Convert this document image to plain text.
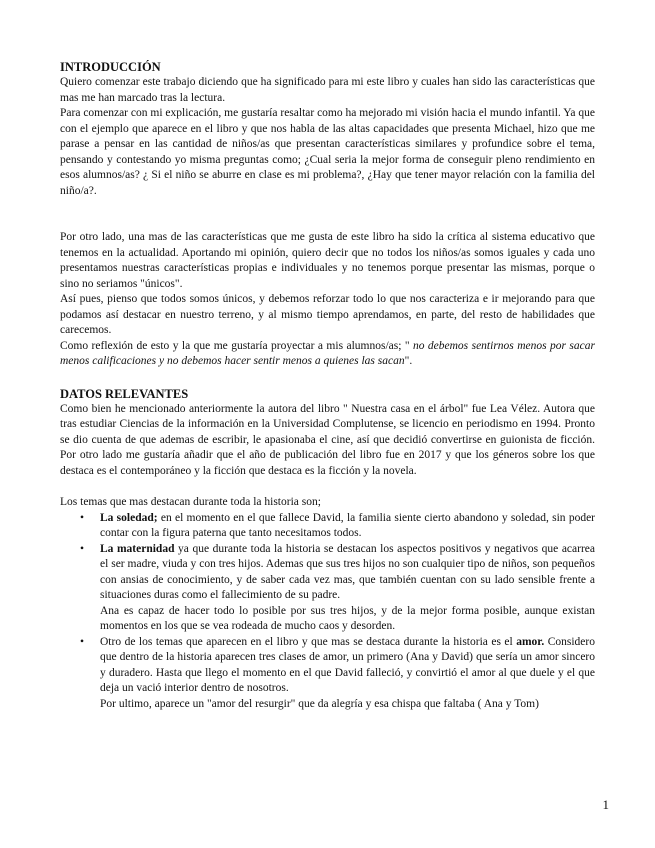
INTRODUCCIÓN

Quiero comenzar este trabajo diciendo que ha significado para mi este libro y cuales han sido las características que mas me han marcado tras la lectura.

Para comenzar con mi explicación, me gustaría resaltar como ha mejorado mi visión hacia el mundo infantil. Ya que con el ejemplo que aparece en el libro y que nos habla de las altas capacidades que presenta Michael, hizo que me parase a pensar en las cantidad de niños/as que presentan características similares y profundice sobre el tema, pensando y contestando yo misma preguntas como; ¿Cual seria la mejor forma de conseguir pleno rendimiento en esos alumnos/as? ¿ Si el niño se aburre en clase es mi problema?, ¿Hay que tener mayor relación con la familia del niño/a?.

Por otro lado, una mas de las características que me gusta de este libro ha sido la crítica al sistema educativo que tenemos en la actualidad. Aportando mi opinión, quiero decir que no todos los niños/as somos iguales y cada uno presentamos nuestras características propias e individuales y no tenemos porque presentar las mismas, porque o sino no seriamos "únicos".

Así pues, pienso que todos somos únicos, y debemos reforzar todo lo que nos caracteriza e ir mejorando para que podamos así destacar en nuestro terreno, y al mismo tiempo aprendamos, en parte, del resto de habilidades que carecemos.

Como reflexión de esto y la que me gustaría proyectar a mis alumnos/as; " no debemos sentirnos menos por sacar menos calificaciones y no debemos hacer sentir menos a quienes las sacan".

DATOS RELEVANTES

Como bien he mencionado anteriormente la autora del libro " Nuestra casa en el árbol" fue Lea Vélez. Autora que tras estudiar Ciencias de la información en la Universidad Complutense, se licencio en periodismo en 1994. Pronto se dio cuenta de que ademas de escribir, le apasionaba el cine, así que decidió convertirse en guionista de ficción. Por otro lado me gustaría añadir que el año de publicación del libro fue en 2017 y que los géneros sobre los que destaca es el contemporáneo y la ficción que destaca es la ficción y la novela.

Los temas que mas destacan durante toda la historia son;

• La soledad; en el momento en el que fallece David, la familia siente cierto abandono y soledad, sin poder contar con la figura paterna que tanto necesitamos todos.

• La maternidad ya que durante toda la historia se destacan los aspectos positivos y negativos que acarrea el ser madre, viuda y con tres hijos. Ademas que sus tres hijos no son cualquier tipo de niños, son pequeños con ansias de conocimiento, y de saber cada vez mas, que también cuentan con su lado sensible frente a situaciones duras como el fallecimiento de su padre.

Ana es capaz de hacer todo lo posible por sus tres hijos, y de la mejor forma posible, aunque existan momentos en los que se vea rodeada de mucho caos y desorden.

• Otro de los temas que aparecen en el libro y que mas se destaca durante la historia es el amor. Considero que dentro de la historia aparecen tres clases de amor, un primero (Ana y David) que sería un amor sincero y duradero. Hasta que llego el momento en el que David falleció, y convirtió el amor al que duele y el que deja un vació interior dentro de nosotros.

Por ultimo, aparece un "amor del resurgir" que da alegría y esa chispa que faltaba ( Ana y Tom)

1
